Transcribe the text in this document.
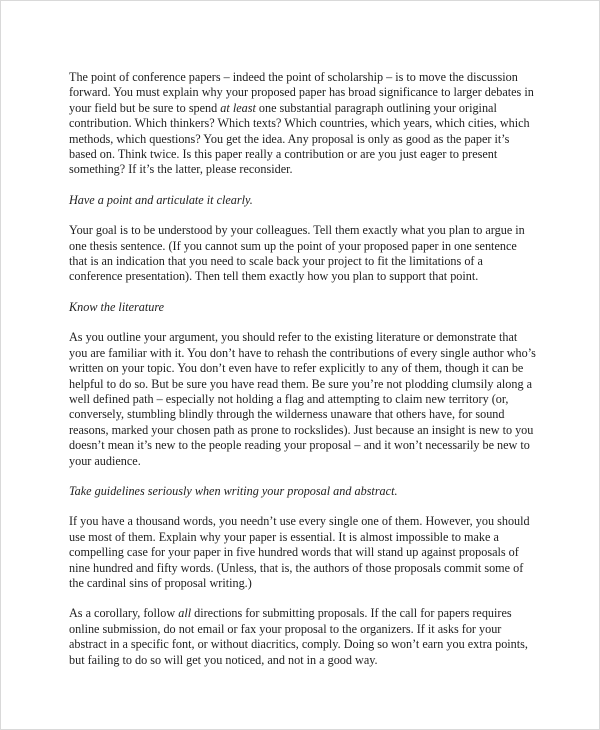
The point of conference papers – indeed the point of scholarship – is to move the discussion forward. You must explain why your proposed paper has broad significance to larger debates in your field but be sure to spend at least one substantial paragraph outlining your original contribution. Which thinkers? Which texts? Which countries, which years, which cities, which methods, which questions? You get the idea. Any proposal is only as good as the paper it’s based on. Think twice. Is this paper really a contribution or are you just eager to present something? If it’s the latter, please reconsider.

Have a point and articulate it clearly.

Your goal is to be understood by your colleagues. Tell them exactly what you plan to argue in one thesis sentence. (If you cannot sum up the point of your proposed paper in one sentence that is an indication that you need to scale back your project to fit the limitations of a conference presentation). Then tell them exactly how you plan to support that point.

Know the literature

As you outline your argument, you should refer to the existing literature or demonstrate that you are familiar with it. You don’t have to rehash the contributions of every single author who’s written on your topic. You don’t even have to refer explicitly to any of them, though it can be helpful to do so. But be sure you have read them. Be sure you’re not plodding clumsily along a well defined path – especially not holding a flag and attempting to claim new territory (or, conversely, stumbling blindly through the wilderness unaware that others have, for sound reasons, marked your chosen path as prone to rockslides). Just because an insight is new to you doesn’t mean it’s new to the people reading your proposal – and it won’t necessarily be new to your audience.

Take guidelines seriously when writing your proposal and abstract.

If you have a thousand words, you needn’t use every single one of them. However, you should use most of them. Explain why your paper is essential. It is almost impossible to make a compelling case for your paper in five hundred words that will stand up against proposals of nine hundred and fifty words. (Unless, that is, the authors of those proposals commit some of the cardinal sins of proposal writing.)

As a corollary, follow all directions for submitting proposals. If the call for papers requires online submission, do not email or fax your proposal to the organizers. If it asks for your abstract in a specific font, or without diacritics, comply. Doing so won’t earn you extra points, but failing to do so will get you noticed, and not in a good way.
